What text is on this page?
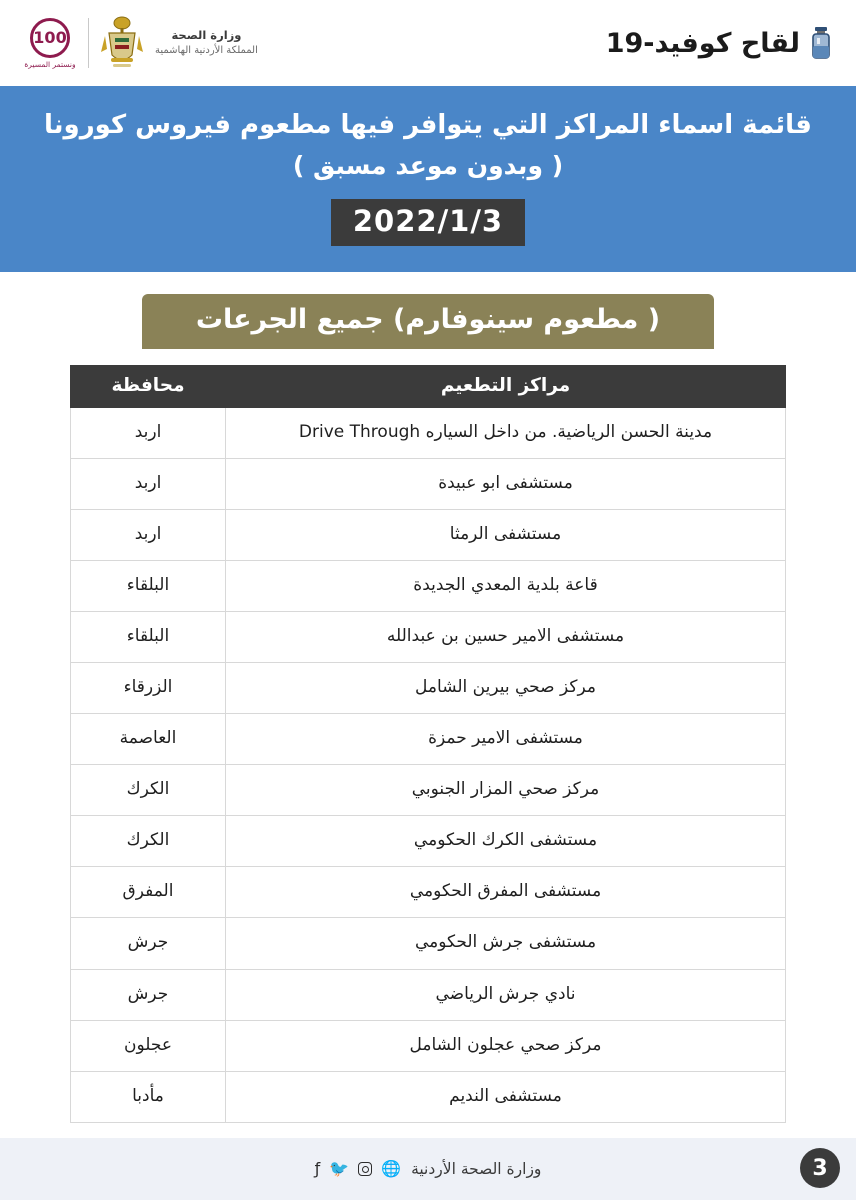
لقاح كوفيد-19
وزارة الصحة
المملكة الأردنية الهاشمية
100
ونستمر المسيرة
قائمة اسماء المراكز التي يتوافر فيها مطعوم فيروس كورونا
( وبدون موعد مسبق )
2022/1/3
( مطعوم سينوفارم) جميع الجرعات
مراكز التطعيم	محافظة
مدينة الحسن الرياضية. من داخل السياره Drive Through	اربد
مستشفى ابو عبيدة	اربد
مستشفى الرمثا	اربد
قاعة بلدية المعدي الجديدة	البلقاء
مستشفى الامير حسين بن عبدالله	البلقاء
مركز صحي بيرين الشامل	الزرقاء
مستشفى الامير حمزة	العاصمة
مركز صحي المزار الجنوبي	الكرك
مستشفى الكرك الحكومي	الكرك
مستشفى المفرق الحكومي	المفرق
مستشفى جرش الحكومي	جرش
نادي جرش الرياضي	جرش
مركز صحي عجلون الشامل	عجلون
مستشفى النديم	مأدبا
وزارة الصحة الأردنية
🌐
🐦
ƒ	3
